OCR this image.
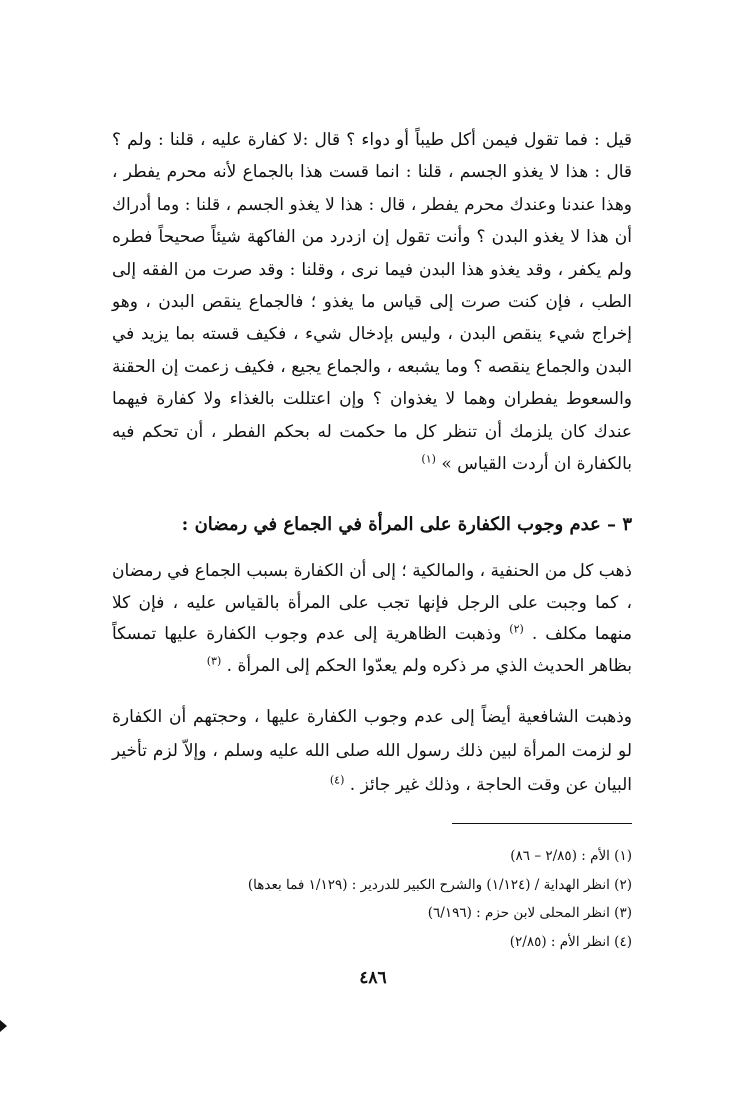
قيل : فما تقول فيمن أكل طيباً أو دواء ؟ قال :لا كفارة عليه ، قلنا : ولم ؟ قال : هذا لا يغذو الجسم ، قلنا : انما قست هذا بالجماع لأنه محرم يفطر ، وهذا عندنا وعندك محرم يفطر ، قال : هذا لا يغذو الجسم ، قلنا : وما أدراك أن هذا لا يغذو البدن ؟ وأنت تقول إن ازدرد من الفاكهة شيئاً صحيحاً فطره ولم يكفر ، وقد يغذو هذا البدن فيما نرى ، وقلنا : وقد صرت من الفقه إلى الطب ، فإن كنت صرت إلى قياس ما يغذو ؛ فالجماع ينقص البدن ، وهو إخراج شيء ينقص البدن ، وليس بإدخال شيء ، فكيف قسته بما يزيد في البدن والجماع ينقصه ؟ وما يشبعه ، والجماع يجيع ، فكيف زعمت إن الحقنة والسعوط يفطران وهما لا يغذوان ؟ وإن اعتللت بالغذاء ولا كفارة فيهما عندك كان يلزمك أن تنظر كل ما حكمت له بحكم الفطر ، أن تحكم فيه بالكفارة ان أردت القياس » $^{(١)}$

٣ – عدم وجوب الكفارة على المرأة في الجماع في رمضان :

ذهب كل من الحنفية ، والمالكية ؛ إلى أن الكفارة بسبب الجماع في رمضان ، كما وجبت على الرجل فإنها تجب على المرأة بالقياس عليه ، فإن كلا منهما مكلف . $^{(٢)}$ وذهبت الظاهرية إلى عدم وجوب الكفارة عليها تمسكاً بظاهر الحديث الذي مر ذكره ولم يعدّوا الحكم إلى المرأة . $^{(٣)}$

وذهبت الشافعية أيضاً إلى عدم وجوب الكفارة عليها ، وحجتهم أن الكفارة لو لزمت المرأة لبين ذلك رسول الله صلى الله عليه وسلم ، وإلاّ لزم تأخير البيان عن وقت الحاجة ، وذلك غير جائز . $^{(٤)}$

(١) الأم : (٢/٨٥ – ٨٦)

(٢) انظر الهداية / (١/١٢٤) والشرح الكبير للدردير : (١/١٢٩ فما بعدها)

(٣) انظر المحلى لابن حزم : (٦/١٩٦)

(٤) انظر الأم : (٢/٨٥)

٤٨٦
